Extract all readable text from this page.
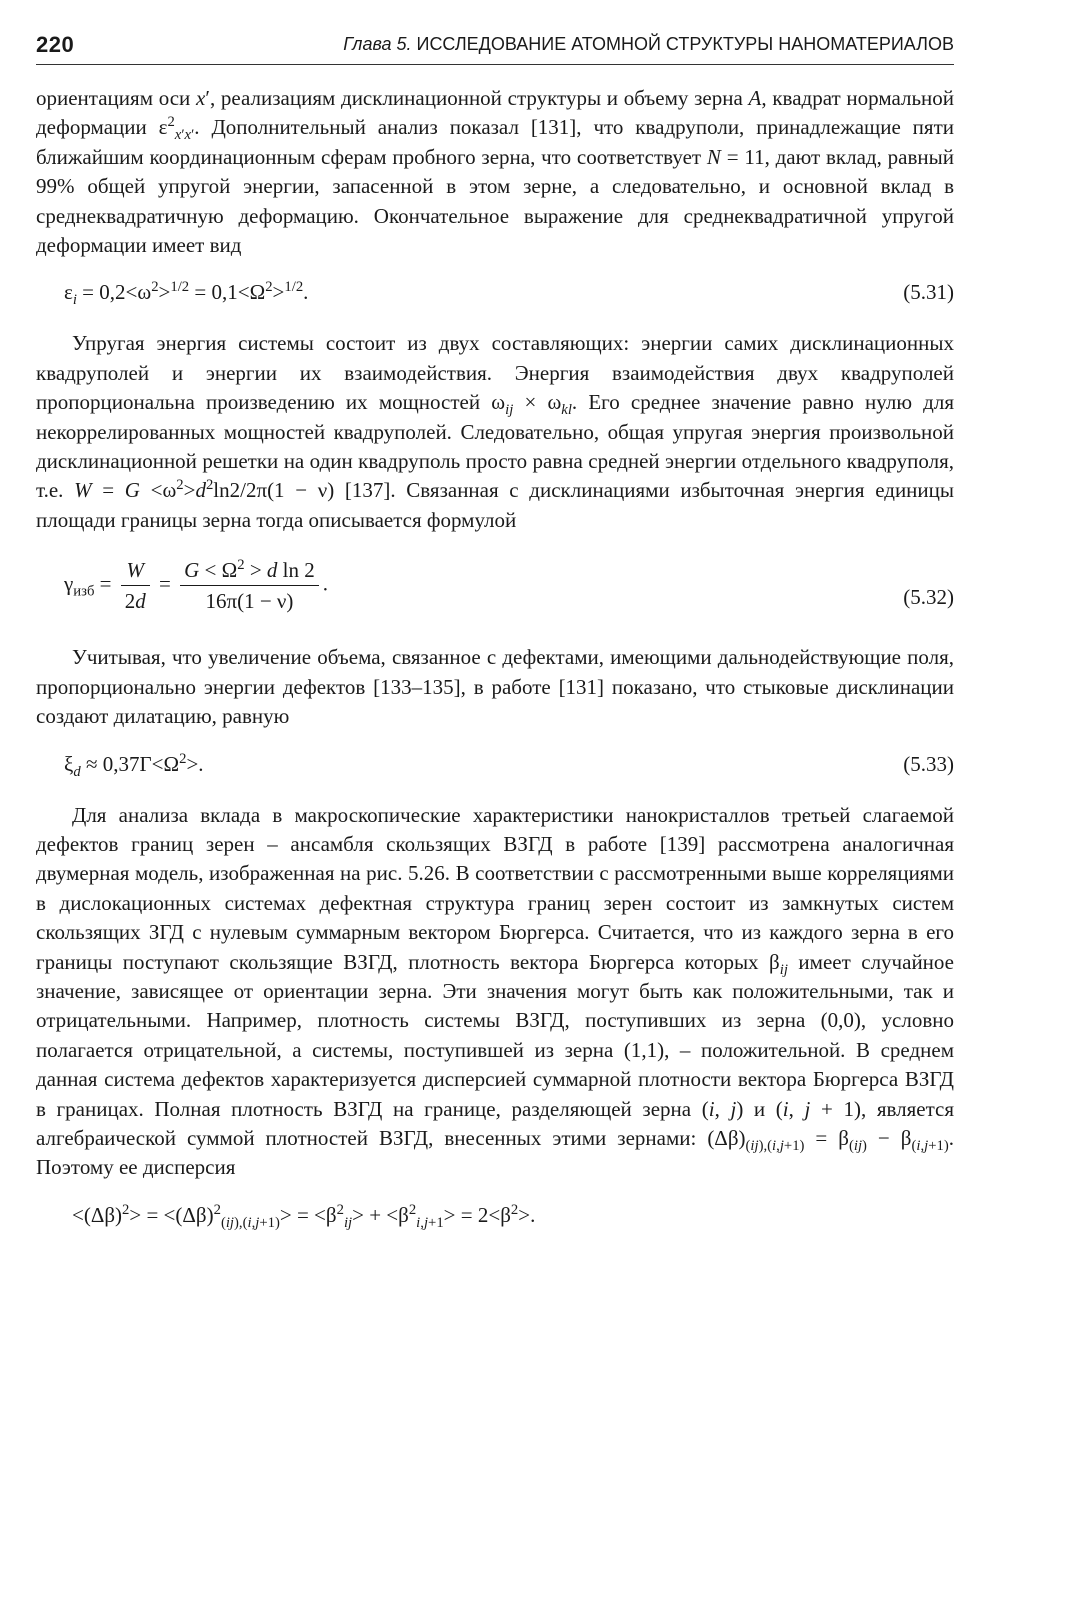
220	Глава 5. ИССЛЕДОВАНИЕ АТОМНОЙ СТРУКТУРЫ НАНОМАТЕРИАЛОВ

ориентациям оси x′, реализациям дисклинационной структуры и объему зерна A, квадрат нормальной деформации $\varepsilon^2_{x'x'}$. Дополнительный анализ показал [131], что квадруполи, принадлежащие пяти ближайшим координационным сферам пробного зерна, что соответствует N = 11, дают вклад, равный 99% общей упругой энергии, запасенной в этом зерне, а следовательно, и основной вклад в среднеквадратичную деформацию. Окончательное выражение для среднеквадратичной упругой деформации имеет вид

$\varepsilon_i = 0,2<\omega^2>^{1/2} = 0,1<\Omega^2>^{1/2}$.	(5.31)

Упругая энергия системы состоит из двух составляющих: энергии самих дисклинационных квадруполей и энергии их взаимодействия. Энергия взаимодействия двух квадруполей пропорциональна произведению их мощностей $\omega_{ij} \times \omega_{kl}$. Его среднее значение равно нулю для некоррелированных мощностей квадруполей. Следовательно, общая упругая энергия произвольной дисклинационной решетки на один квадруполь просто равна средней энергии отдельного квадруполя, т.е. $W = G <\omega^2>d^2\ln 2/2\pi(1 - \nu)$ [137]. Связанная с дисклинациями избыточная энергия единицы площади границы зерна тогда описывается формулой

$\gamma_{изб} = \frac{W}{2d} = \frac{G < \Omega^2 > d \ln 2}{16\pi(1 - \nu)}$ .
(5.32)

Учитывая, что увеличение объема, связанное с дефектами, имеющими дальнодействующие поля, пропорционально энергии дефектов [133–135], в работе [131] показано, что стыковые дисклинации создают дилатацию, равную

$\xi_d \approx 0,37\Gamma<\Omega^2>$.	(5.33)

Для анализа вклада в макроскопические характеристики нанокристаллов третьей слагаемой дефектов границ зерен – ансамбля скользящих ВЗГД в работе [139] рассмотрена аналогичная двумерная модель, изображенная на рис. 5.26. В соответствии с рассмотренными выше корреляциями в дислокационных системах дефектная структура границ зерен состоит из замкнутых систем скользящих ЗГД с нулевым суммарным вектором Бюргерса. Считается, что из каждого зерна в его границы поступают скользящие ВЗГД, плотность вектора Бюргерса которых $\beta_{ij}$ имеет случайное значение, зависящее от ориентации зерна. Эти значения могут быть как положительными, так и отрицательными. Например, плотность системы ВЗГД, поступивших из зерна (0,0), условно полагается отрицательной, а системы, поступившей из зерна (1,1), – положительной. В среднем данная система дефектов характеризуется дисперсией суммарной плотности вектора Бюргерса ВЗГД в границах. Полная плотность ВЗГД на границе, разделяющей зерна (i, j) и (i, j + 1), является алгебраической суммой плотностей ВЗГД, внесенных этими зернами: $(\Delta\beta)_{(ij),(i,j+1)} = \beta_{(ij)} - \beta_{(i,j+1)}$. Поэтому ее дисперсия

$<(\Delta\beta)^2> = <(\Delta\beta)^2_{(ij),(i,j+1)}> = <\beta^2_{ij}> + <\beta^2_{i,j+1}> = 2<\beta^2>$.
